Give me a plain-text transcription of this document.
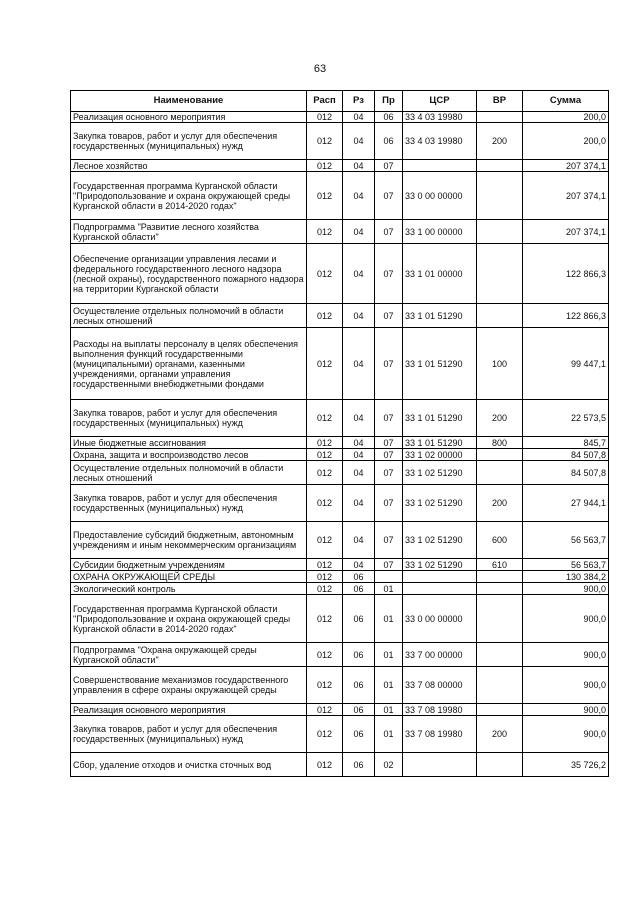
63
Наименование	Расп	Рз	Пр	ЦСР	ВР	Сумма
Реализация основного мероприятия	012	04	06	33 4 03 19980		200,0
Закупка товаров, работ и услуг для обеспечения государственных (муниципальных) нужд	012	04	06	33 4 03 19980	200	200,0
Лесное хозяйство	012	04	07			207 374,1
Государственная программа Курганской области "Природопользование и охрана окружающей среды Курганской области в 2014-2020 годах"	012	04	07	33 0 00 00000		207 374,1
Подпрограмма "Развитие лесного хозяйства Курганской области"	012	04	07	33 1 00 00000		207 374,1
Обеспечение организации управления лесами и федерального государственного лесного надзора (лесной охраны), государственного пожарного надзора на территории Курганской области	012	04	07	33 1 01 00000		122 866,3
Осуществление отдельных полномочий в области лесных отношений	012	04	07	33 1 01 51290		122 866,3
Расходы на выплаты персоналу в целях обеспечения выполнения функций государственными (муниципальными) органами, казенными учреждениями, органами управления государственными внебюджетными фондами	012	04	07	33 1 01 51290	100	99 447,1
Закупка товаров, работ и услуг для обеспечения государственных (муниципальных) нужд	012	04	07	33 1 01 51290	200	22 573,5
Иные бюджетные ассигнования	012	04	07	33 1 01 51290	800	845,7
Охрана, защита и воспроизводство лесов	012	04	07	33 1 02 00000		84 507,8
Осуществление отдельных полномочий в области лесных отношений	012	04	07	33 1 02 51290		84 507,8
Закупка товаров, работ и услуг для обеспечения государственных (муниципальных) нужд	012	04	07	33 1 02 51290	200	27 944,1
Предоставление субсидий бюджетным, автономным учреждениям и иным некоммерческим организациям	012	04	07	33 1 02 51290	600	56 563,7
Субсидии бюджетным учреждениям	012	04	07	33 1 02 51290	610	56 563,7
ОХРАНА ОКРУЖАЮЩЕЙ СРЕДЫ	012	06				130 384,2
Экологический контроль	012	06	01			900,0
Государственная программа Курганской области "Природопользование и охрана окружающей среды Курганской области в 2014-2020 годах"	012	06	01	33 0 00 00000		900,0
Подпрограмма "Охрана окружающей среды Курганской области"	012	06	01	33 7 00 00000		900,0
Совершенствование механизмов государственного управления в сфере охраны окружающей среды	012	06	01	33 7 08 00000		900,0
Реализация основного мероприятия	012	06	01	33 7 08 19980		900,0
Закупка товаров, работ и услуг для обеспечения государственных (муниципальных) нужд	012	06	01	33 7 08 19980	200	900,0
Сбор, удаление отходов и очистка сточных вод	012	06	02			35 726,2
